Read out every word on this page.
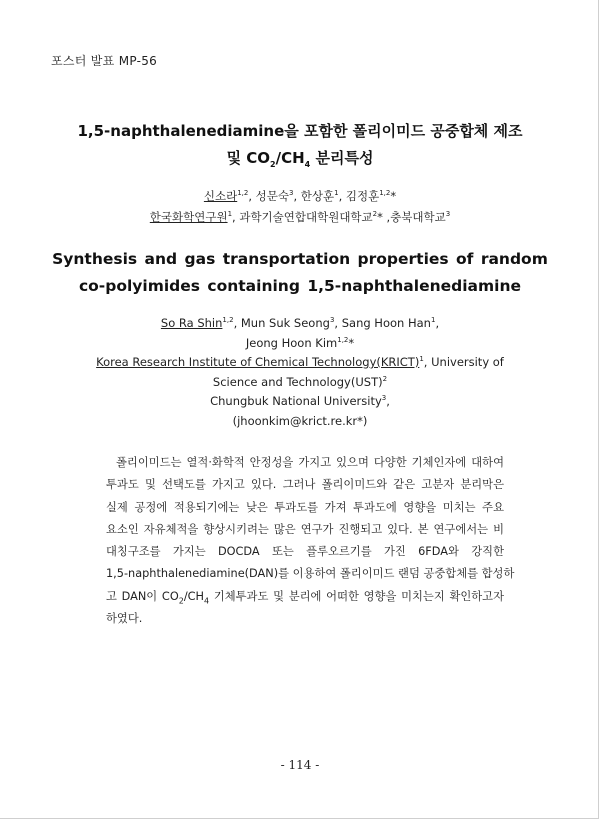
포스터 발표 MP-56
1,5-naphthalenediamine을 포함한 폴리이미드 공중합체 제조
및 $CO_2/CH_4$ 분리특성
신소라$^{1,2}$, 성문숙$^3$, 한상훈$^1$, 김정훈$^{1,2}$*
한국화학연구원$^1$, 과학기술연합대학원대학교$^2$* ,충북대학교$^3$
Synthesis and gas transportation properties of random
co-polyimides containing 1,5-naphthalenediamine
So Ra Shin$^{1,2}$, Mun Suk Seong$^3$, Sang Hoon Han$^1$,
Jeong Hoon Kim$^{1,2}$*
Korea Research Institute of Chemical Technology(KRICT)$^1$, University of
Science and Technology(UST)$^2$
Chungbuk National University$^3$,
(jhoonkim@krict.re.kr*)
폴리이미드는 열적·화학적 안정성을 가지고 있으며 다양한 기체인자에 대하여
투과도 및 선택도를 가지고 있다. 그러나 폴리이미드와 같은 고분자 분리막은
실제 공정에 적용되기에는 낮은 투과도를 가져 투과도에 영향을 미치는 주요
요소인 자유체적을 향상시키려는 많은 연구가 진행되고 있다. 본 연구에서는 비
대칭구조를 가지는 DOCDA 또는 플루오르기를 가진 6FDA와 강직한
1,5-naphthalenediamine(DAN)를 이용하여 폴리이미드 랜덤 공중합체를 합성하
고 DAN이 $CO_2/CH_4$ 기체투과도 및 분리에 어떠한 영향을 미치는지 확인하고자
하였다.
- 114 -
